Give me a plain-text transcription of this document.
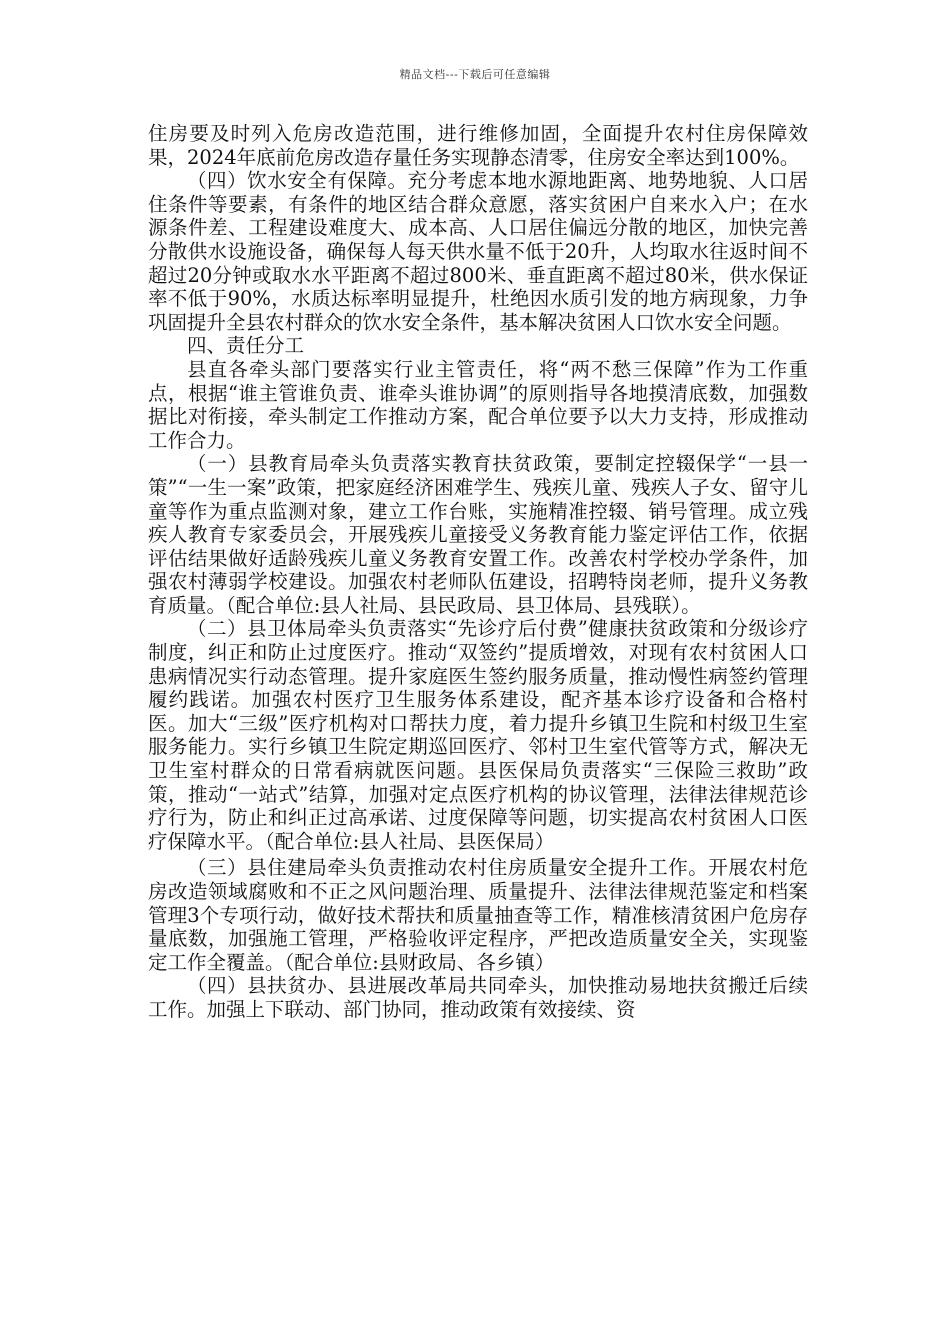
精品文档---下载后可任意编辑

住房要及时列入危房改造范围，进行维修加固，全面提升农村住房保障效果，2024年底前危房改造存量任务实现静态清零，住房安全率达到100%。

（四）饮水安全有保障。充分考虑本地水源地距离、地势地貌、人口居住条件等要素，有条件的地区结合群众意愿，落实贫困户自来水入户；在水源条件差、工程建设难度大、成本高、人口居住偏远分散的地区，加快完善分散供水设施设备，确保每人每天供水量不低于20升，人均取水往返时间不超过20分钟或取水水平距离不超过800米、垂直距离不超过80米，供水保证率不低于90%，水质达标率明显提升，杜绝因水质引发的地方病现象，力争巩固提升全县农村群众的饮水安全条件，基本解决贫困人口饮水安全问题。

四、责任分工

县直各牵头部门要落实行业主管责任，将“两不愁三保障”作为工作重点，根据“谁主管谁负责、谁牵头谁协调”的原则指导各地摸清底数，加强数据比对衔接，牵头制定工作推动方案，配合单位要予以大力支持，形成推动工作合力。

（一）县教育局牵头负责落实教育扶贫政策，要制定控辍保学“一县一策”“一生一案”政策，把家庭经济困难学生、残疾儿童、残疾人子女、留守儿童等作为重点监测对象，建立工作台账，实施精准控辍、销号管理。成立残疾人教育专家委员会，开展残疾儿童接受义务教育能力鉴定评估工作，依据评估结果做好适龄残疾儿童义务教育安置工作。改善农村学校办学条件，加强农村薄弱学校建设。加强农村老师队伍建设，招聘特岗老师，提升义务教育质量。（配合单位:县人社局、县民政局、县卫体局、县残联）。

（二）县卫体局牵头负责落实“先诊疗后付费”健康扶贫政策和分级诊疗制度，纠正和防止过度医疗。推动“双签约”提质增效，对现有农村贫困人口患病情况实行动态管理。提升家庭医生签约服务质量，推动慢性病签约管理履约践诺。加强农村医疗卫生服务体系建设，配齐基本诊疗设备和合格村医。加大“三级”医疗机构对口帮扶力度，着力提升乡镇卫生院和村级卫生室服务能力。实行乡镇卫生院定期巡回医疗、邻村卫生室代管等方式，解决无卫生室村群众的日常看病就医问题。县医保局负责落实“三保险三救助”政策，推动“一站式”结算，加强对定点医疗机构的协议管理，法律法律规范诊疗行为，防止和纠正过高承诺、过度保障等问题，切实提高农村贫困人口医疗保障水平。（配合单位:县人社局、县医保局）

（三）县住建局牵头负责推动农村住房质量安全提升工作。开展农村危房改造领域腐败和不正之风问题治理、质量提升、法律法律规范鉴定和档案管理3个专项行动，做好技术帮扶和质量抽查等工作，精准核清贫困户危房存量底数，加强施工管理，严格验收评定程序，严把改造质量安全关，实现鉴定工作全覆盖。（配合单位:县财政局、各乡镇）

（四）县扶贫办、县进展改革局共同牵头，加快推动易地扶贫搬迁后续工作。加强上下联动、部门协同，推动政策有效接续、资
